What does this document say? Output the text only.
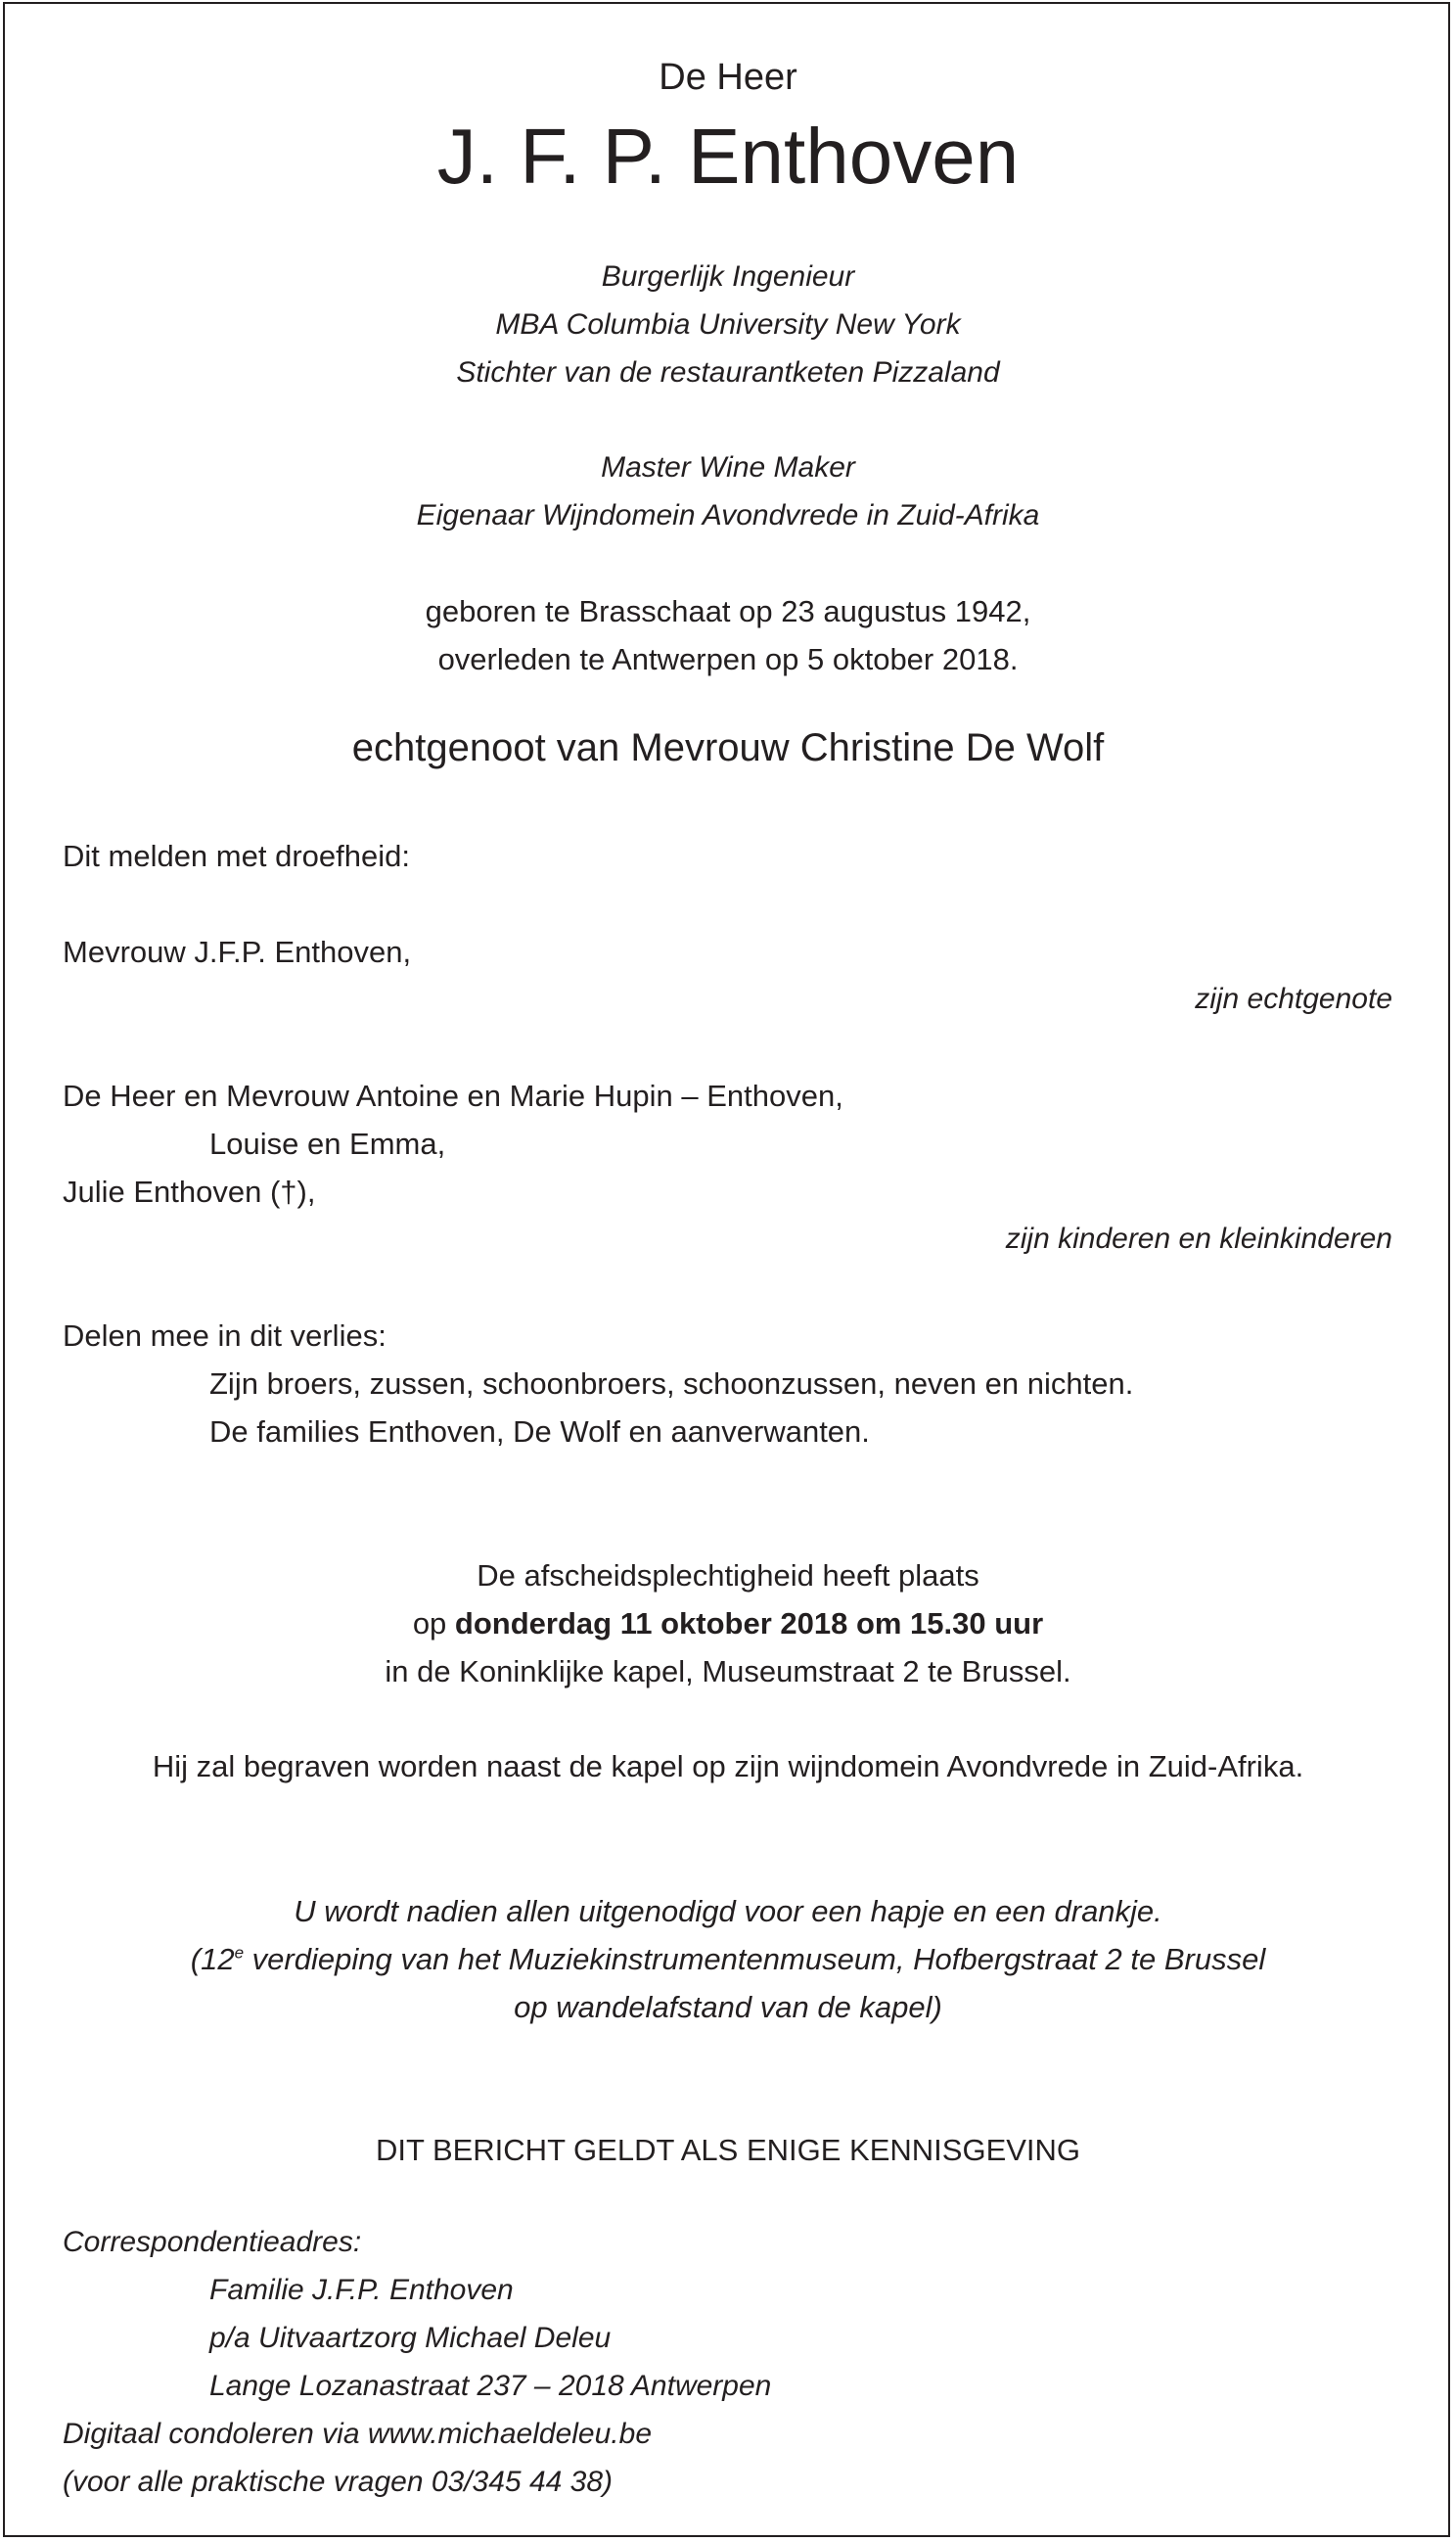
De Heer
J. F. P. Enthoven
Burgerlijk Ingenieur
MBA Columbia University New York
Stichter van de restaurantketen Pizzaland
Master Wine Maker
Eigenaar Wijndomein Avondvrede in Zuid-Afrika
geboren te Brasschaat op 23 augustus 1942,
overleden te Antwerpen op 5 oktober 2018.
echtgenoot van Mevrouw Christine De Wolf
Dit melden met droefheid:
Mevrouw J.F.P. Enthoven,
zijn echtgenote
De Heer en Mevrouw Antoine en Marie Hupin – Enthoven,
Louise en Emma,
Julie Enthoven (†),
zijn kinderen en kleinkinderen
Delen mee in dit verlies:
Zijn broers, zussen, schoonbroers, schoonzussen, neven en nichten.
De families Enthoven, De Wolf en aanverwanten.
De afscheidsplechtigheid heeft plaats
op donderdag 11 oktober 2018 om 15.30 uur
in de Koninklijke kapel, Museumstraat 2 te Brussel.
Hij zal begraven worden naast de kapel op zijn wijndomein Avondvrede in Zuid-Afrika.
U wordt nadien allen uitgenodigd voor een hapje en een drankje.
(12e verdieping van het Muziekinstrumentenmuseum, Hofbergstraat 2 te Brussel
op wandelafstand van de kapel)
DIT BERICHT GELDT ALS ENIGE KENNISGEVING
Correspondentieadres:
Familie J.F.P. Enthoven
p/a Uitvaartzorg Michael Deleu
Lange Lozanastraat 237 – 2018 Antwerpen
Digitaal condoleren via www.michaeldeleu.be
(voor alle praktische vragen 03/345 44 38)
